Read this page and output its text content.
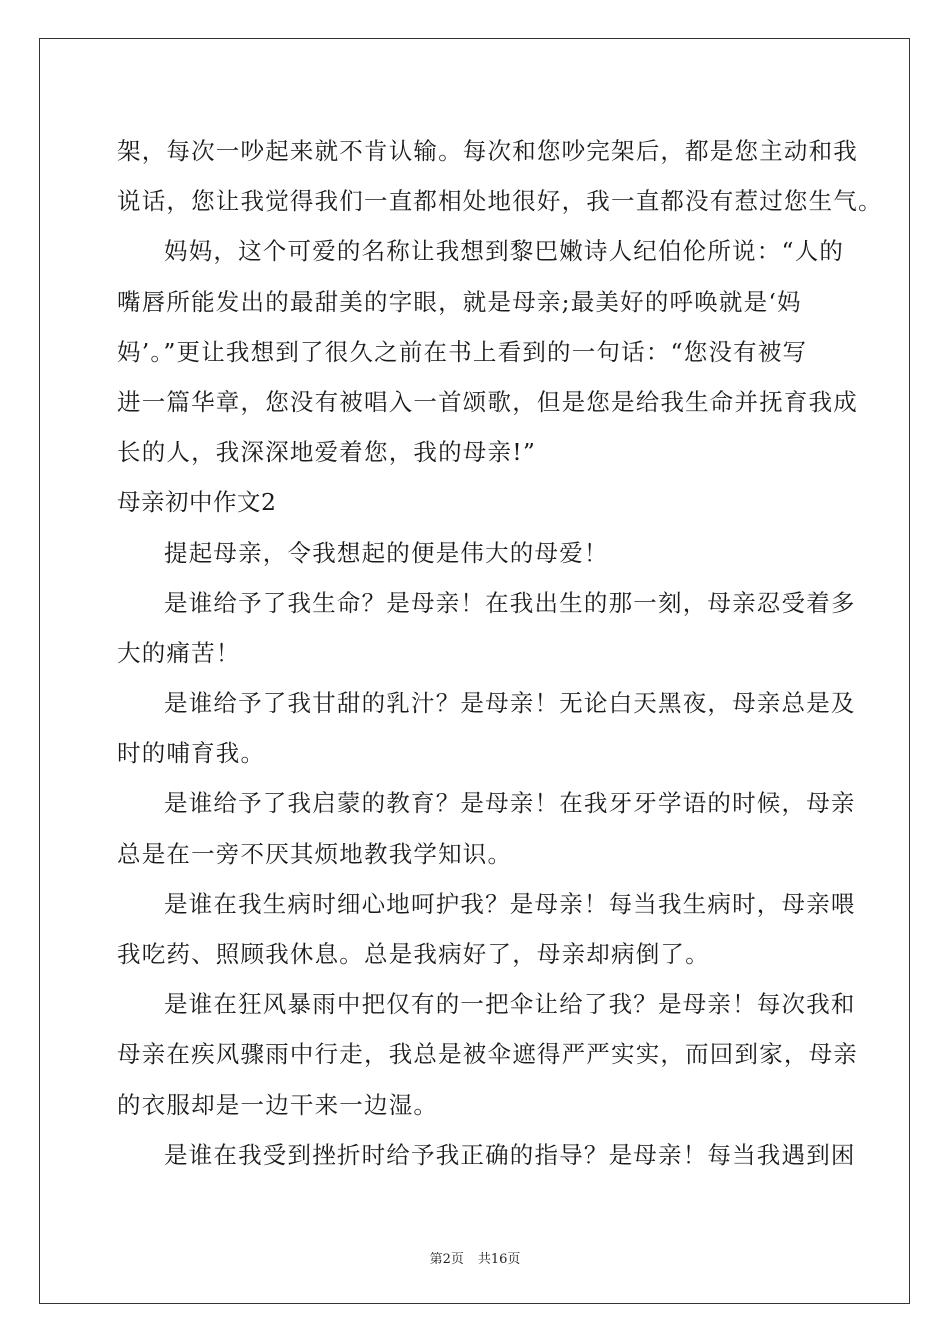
架，每次一吵起来就不肯认输。每次和您吵完架后，都是您主动和我
说话，您让我觉得我们一直都相处地很好，我一直都没有惹过您生气。
妈妈，这个可爱的名称让我想到黎巴嫩诗人纪伯伦所说：“人的
嘴唇所能发出的最甜美的字眼，就是母亲;最美好的呼唤就是‘妈
妈’。”更让我想到了很久之前在书上看到的一句话：“您没有被写
进一篇华章，您没有被唱入一首颂歌，但是您是给我生命并抚育我成
长的人，我深深地爱着您，我的母亲!”
母亲初中作文2
提起母亲，令我想起的便是伟大的母爱！
是谁给予了我生命？是母亲！在我出生的那一刻，母亲忍受着多
大的痛苦！
是谁给予了我甘甜的乳汁？是母亲！无论白天黑夜，母亲总是及
时的哺育我。
是谁给予了我启蒙的教育？是母亲！在我牙牙学语的时候，母亲
总是在一旁不厌其烦地教我学知识。
是谁在我生病时细心地呵护我？是母亲！每当我生病时，母亲喂
我吃药、照顾我休息。总是我病好了，母亲却病倒了。
是谁在狂风暴雨中把仅有的一把伞让给了我？是母亲！每次我和
母亲在疾风骤雨中行走，我总是被伞遮得严严实实，而回到家，母亲
的衣服却是一边干来一边湿。
是谁在我受到挫折时给予我正确的指导？是母亲！每当我遇到困
第2页 共16页
